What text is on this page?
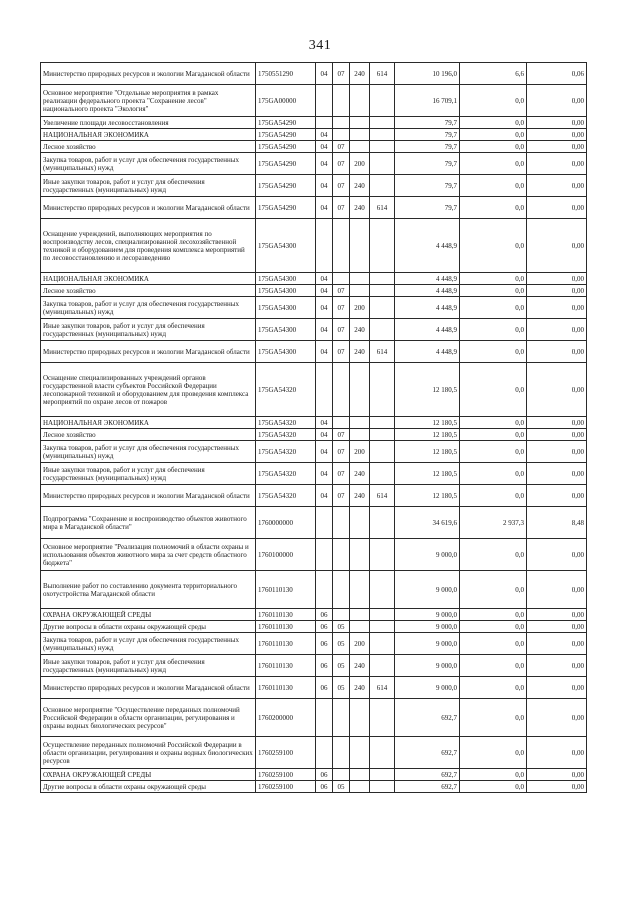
341
Министерство природных ресурсов и экологии Магаданской области	1750551290	04	07	240	614	10 196,0	6,6	0,06
Основное мероприятие "Отдельные мероприятия в рамках реализации федерального проекта "Сохранение лесов" национального проекта "Экология"	175GA00000					16 709,1	0,0	0,00
Увеличение площади лесовосстановления	175GA54290					79,7	0,0	0,00
НАЦИОНАЛЬНАЯ ЭКОНОМИКА	175GA54290	04				79,7	0,0	0,00
Лесное хозяйство	175GA54290	04	07			79,7	0,0	0,00
Закупка товаров, работ и услуг для обеспечения государственных (муниципальных) нужд	175GA54290	04	07	200		79,7	0,0	0,00
Иные закупки товаров, работ и услуг для обеспечения государственных (муниципальных) нужд	175GA54290	04	07	240		79,7	0,0	0,00
Министерство природных ресурсов и экологии Магаданской области	175GA54290	04	07	240	614	79,7	0,0	0,00
Оснащение учреждений, выполняющих мероприятия по воспроизводству лесов, специализированной лесохозяйственной техникой и оборудованием для проведения комплекса мероприятий по лесовосстановлению и лесоразведению	175GA54300					4 448,9	0,0	0,00
НАЦИОНАЛЬНАЯ ЭКОНОМИКА	175GA54300	04				4 448,9	0,0	0,00
Лесное хозяйство	175GA54300	04	07			4 448,9	0,0	0,00
Закупка товаров, работ и услуг для обеспечения государственных (муниципальных) нужд	175GA54300	04	07	200		4 448,9	0,0	0,00
Иные закупки товаров, работ и услуг для обеспечения государственных (муниципальных) нужд	175GA54300	04	07	240		4 448,9	0,0	0,00
Министерство природных ресурсов и экологии Магаданской области	175GA54300	04	07	240	614	4 448,9	0,0	0,00
Оснащение специализированных учреждений органов государственной власти субъектов Российской Федерации лесопожарной техникой и оборудованием для проведения комплекса мероприятий по охране лесов от пожаров	175GA54320					12 180,5	0,0	0,00
НАЦИОНАЛЬНАЯ ЭКОНОМИКА	175GA54320	04				12 180,5	0,0	0,00
Лесное хозяйство	175GA54320	04	07			12 180,5	0,0	0,00
Закупка товаров, работ и услуг для обеспечения государственных (муниципальных) нужд	175GA54320	04	07	200		12 180,5	0,0	0,00
Иные закупки товаров, работ и услуг для обеспечения государственных (муниципальных) нужд	175GA54320	04	07	240		12 180,5	0,0	0,00
Министерство природных ресурсов и экологии Магаданской области	175GA54320	04	07	240	614	12 180,5	0,0	0,00
Подпрограмма "Сохранение и воспроизводство объектов животного мира в Магаданской области"	1760000000					34 619,6	2 937,3	8,48
Основное мероприятие "Реализация полномочий в области охраны и использования объектов животного мира за счет средств областного бюджета"	1760100000					9 000,0	0,0	0,00
Выполнение работ по составлению документа территориального охотустройства Магаданской области	1760110130					9 000,0	0,0	0,00
ОХРАНА ОКРУЖАЮЩЕЙ СРЕДЫ	1760110130	06				9 000,0	0,0	0,00
Другие вопросы в области охраны окружающей среды	1760110130	06	05			9 000,0	0,0	0,00
Закупка товаров, работ и услуг для обеспечения государственных (муниципальных) нужд	1760110130	06	05	200		9 000,0	0,0	0,00
Иные закупки товаров, работ и услуг для обеспечения государственных (муниципальных) нужд	1760110130	06	05	240		9 000,0	0,0	0,00
Министерство природных ресурсов и экологии Магаданской области	1760110130	06	05	240	614	9 000,0	0,0	0,00
Основное мероприятие "Осуществление переданных полномочий Российской Федерации в области организации, регулирования и охраны водных биологических ресурсов"	1760200000					692,7	0,0	0,00
Осуществление переданных полномочий Российской Федерации в области организации, регулирования и охраны водных биологических ресурсов	1760259100					692,7	0,0	0,00
ОХРАНА ОКРУЖАЮЩЕЙ СРЕДЫ	1760259100	06				692,7	0,0	0,00
Другие вопросы в области охраны окружающей среды	1760259100	06	05			692,7	0,0	0,00
